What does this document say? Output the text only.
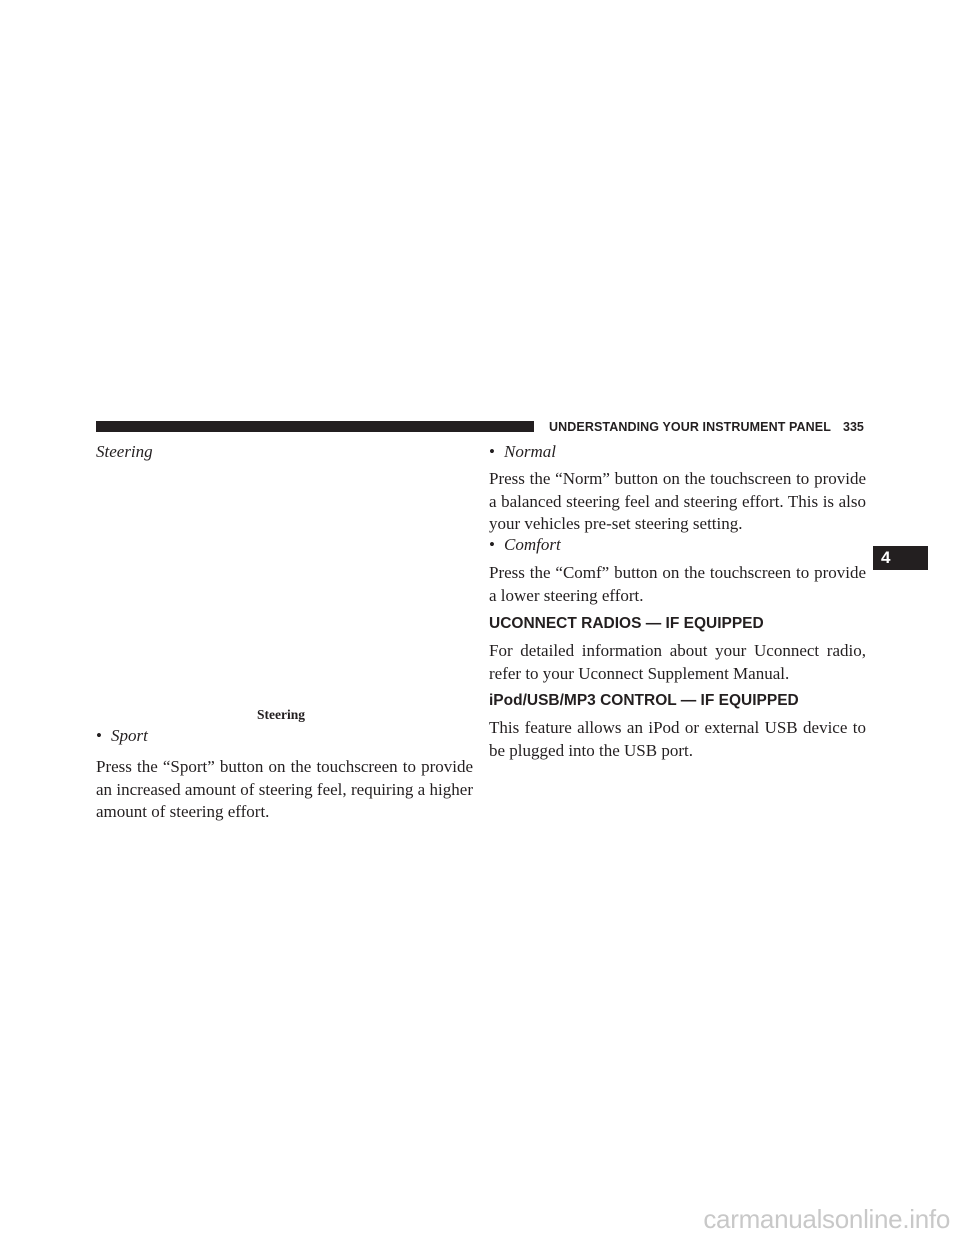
UNDERSTANDING YOUR INSTRUMENT PANEL 335
4
Steering
Steering
• Sport
Press the “Sport” button on the touchscreen to provide an increased amount of steering feel, requiring a higher amount of steering effort.
• Normal
Press the “Norm” button on the touchscreen to provide a balanced steering feel and steering effort. This is also your vehicles pre-set steering setting.
• Comfort
Press the “Comf” button on the touchscreen to provide a lower steering effort.
UCONNECT RADIOS — IF EQUIPPED
For detailed information about your Uconnect radio, refer to your Uconnect Supplement Manual.
iPod/USB/MP3 CONTROL — IF EQUIPPED
This feature allows an iPod or external USB device to be plugged into the USB port.
carmanualsonline.info
